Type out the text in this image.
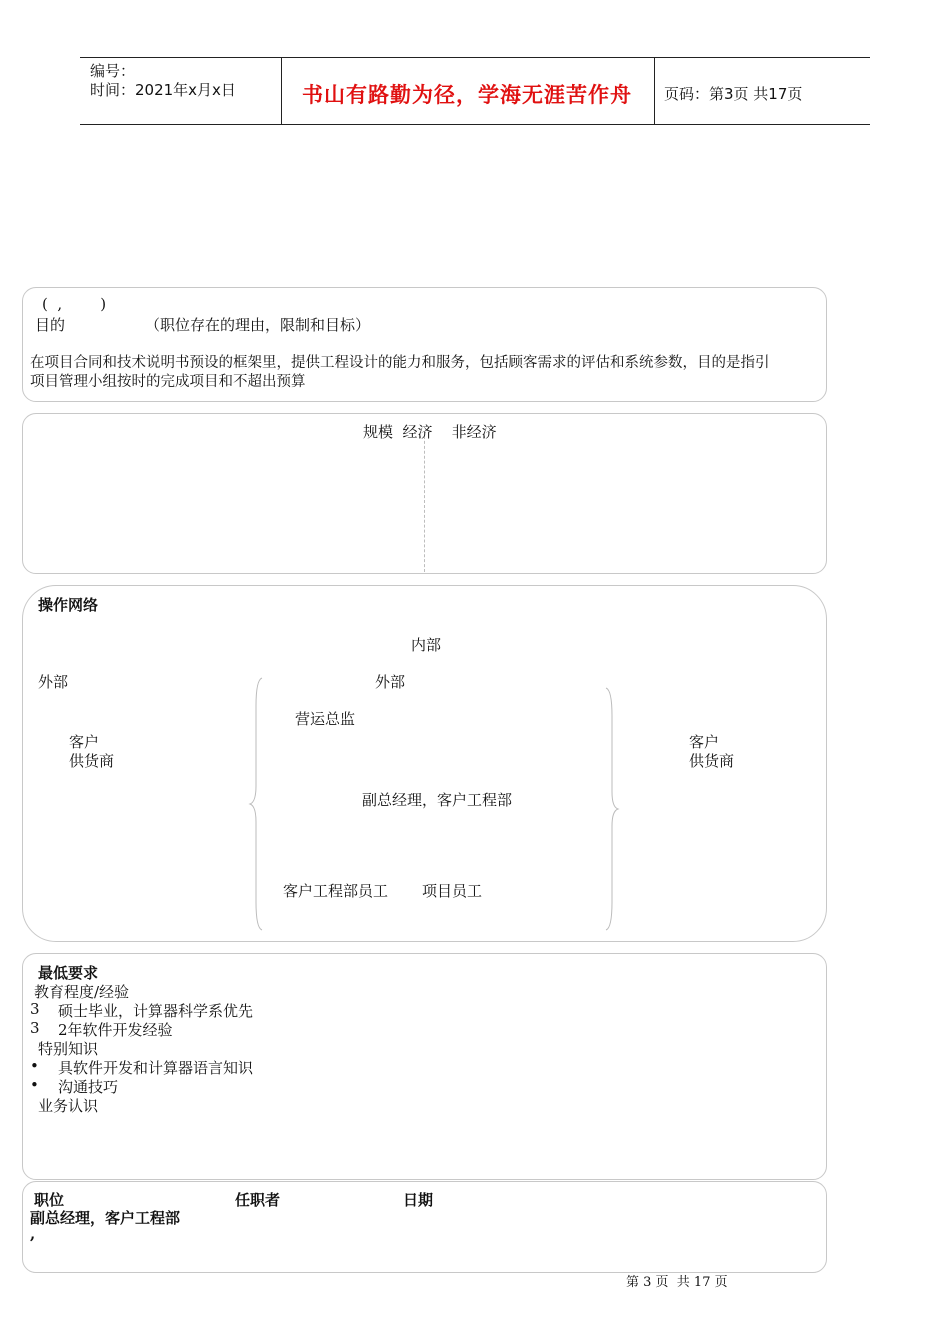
编号：
时间：2021年x月x日	书山有路勤为径，学海无涯苦作舟 页码：第3页 共17页
(  ,        )
目的	（职位存在的理由，限制和目标）
在项目合同和技术说明书预设的框架里，提供工程设计的能力和服务，包括顾客需求的评估和系统参数，目的是指引
项目管理小组按时的完成项目和不超出预算
规模  经济    非经济
操作网络
内部
外部	外部
客户
供货商
营运总监
副总经理，客户工程部
客户工程部员工 项目员工
客户
供货商
最低要求
教育程度/经验
3 硕士毕业，计算器科学系优先
3 2年软件开发经验
特别知识
• 具软件开发和计算器语言知识
• 沟通技巧
业务认识
职位	任职者	日期
副总经理，客户工程部
,
第 3 页  共 17 页
